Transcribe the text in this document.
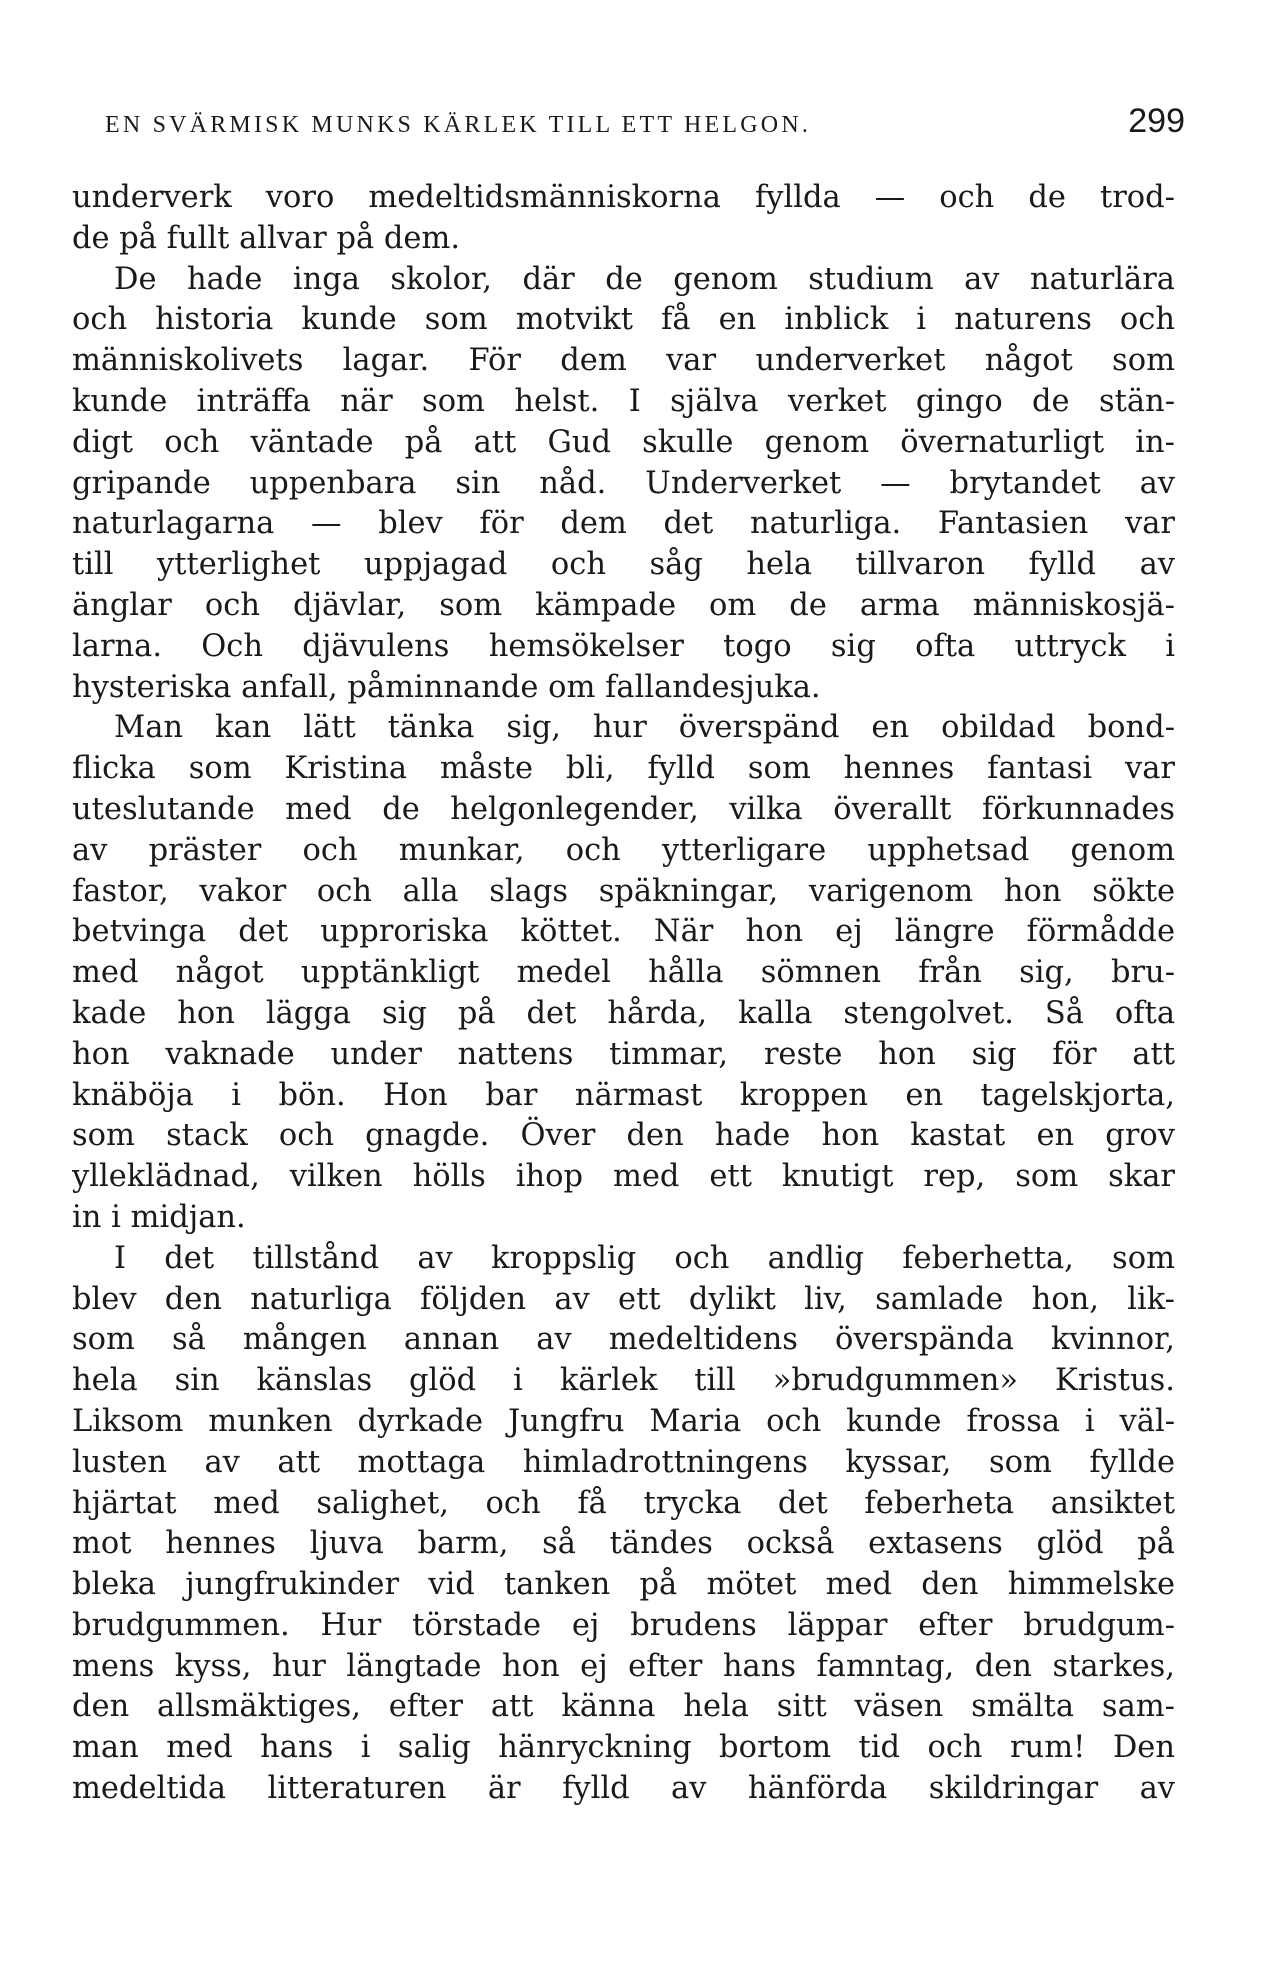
EN SVÄRMISK MUNKS KÄRLEK TILL ETT HELGON.	299
underverk voro medeltidsmänniskorna fyllda — och de trod-
de på fullt allvar på dem.
De hade inga skolor, där de genom studium av naturlära
och historia kunde som motvikt få en inblick i naturens och
människolivets lagar. För dem var underverket något som
kunde inträffa när som helst. I själva verket gingo de stän-
digt och väntade på att Gud skulle genom övernaturligt in-
gripande uppenbara sin nåd. Underverket — brytandet av
naturlagarna — blev för dem det naturliga. Fantasien var
till ytterlighet uppjagad och såg hela tillvaron fylld av
änglar och djävlar, som kämpade om de arma människosjä-
larna. Och djävulens hemsökelser togo sig ofta uttryck i
hysteriska anfall, påminnande om fallandesjuka.
Man kan lätt tänka sig, hur överspänd en obildad bond-
flicka som Kristina måste bli, fylld som hennes fantasi var
uteslutande med de helgonlegender, vilka överallt förkunnades
av präster och munkar, och ytterligare upphetsad genom
fastor, vakor och alla slags späkningar, varigenom hon sökte
betvinga det upproriska köttet. När hon ej längre förmådde
med något upptänkligt medel hålla sömnen från sig, bru-
kade hon lägga sig på det hårda, kalla stengolvet. Så ofta
hon vaknade under nattens timmar, reste hon sig för att
knäböja i bön. Hon bar närmast kroppen en tagelskjorta,
som stack och gnagde. Över den hade hon kastat en grov
ylleklädnad, vilken hölls ihop med ett knutigt rep, som skar
in i midjan.
I det tillstånd av kroppslig och andlig feberhetta, som
blev den naturliga följden av ett dylikt liv, samlade hon, lik-
som så mången annan av medeltidens överspända kvinnor,
hela sin känslas glöd i kärlek till »brudgummen» Kristus.
Liksom munken dyrkade Jungfru Maria och kunde frossa i väl-
lusten av att mottaga himladrottningens kyssar, som fyllde
hjärtat med salighet, och få trycka det feberheta ansiktet
mot hennes ljuva barm, så tändes också extasens glöd på
bleka jungfrukinder vid tanken på mötet med den himmelske
brudgummen. Hur törstade ej brudens läppar efter brudgum-
mens kyss, hur längtade hon ej efter hans famntag, den starkes,
den allsmäktiges, efter att känna hela sitt väsen smälta sam-
man med hans i salig hänryckning bortom tid och rum! Den
medeltida litteraturen är fylld av hänförda skildringar av
